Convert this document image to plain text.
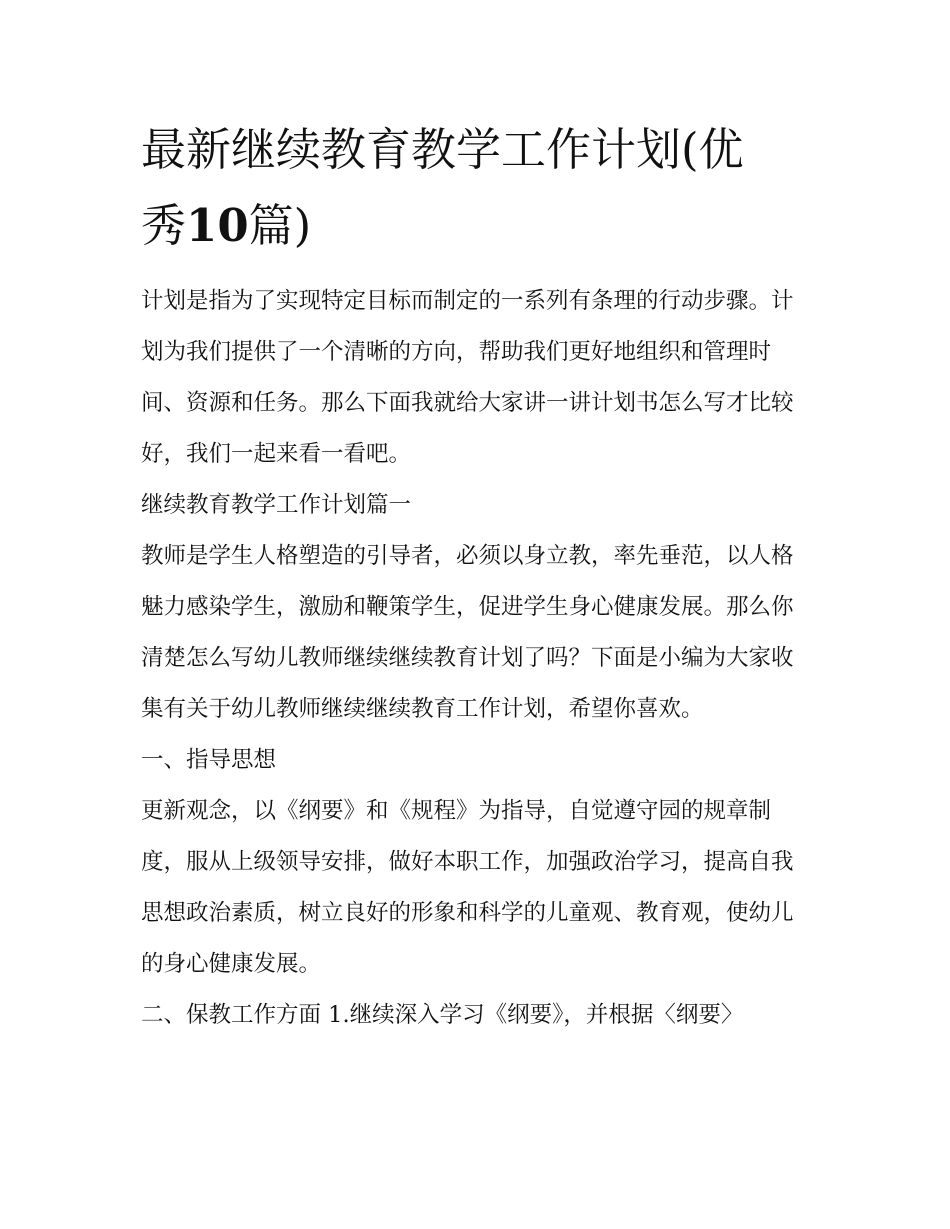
最新继续教育教学工作计划(优
秀10篇)

计划是指为了实现特定目标而制定的一系列有条理的行动步骤。计划为我们提供了一个清晰的方向，帮助我们更好地组织和管理时间、资源和任务。那么下面我就给大家讲一讲计划书怎么写才比较好，我们一起来看一看吧。

继续教育教学工作计划篇一

教师是学生人格塑造的引导者，必须以身立教，率先垂范，以人格魅力感染学生，激励和鞭策学生，促进学生身心健康发展。那么你清楚怎么写幼儿教师继续继续教育计划了吗？下面是小编为大家收集有关于幼儿教师继续继续教育工作计划，希望你喜欢。

一、指导思想

更新观念，以《纲要》和《规程》为指导，自觉遵守园的规章制度，服从上级领导安排，做好本职工作，加强政治学习，提高自我思想政治素质，树立良好的形象和科学的儿童观、教育观，使幼儿的身心健康发展。

二、保教工作方面 1.继续深入学习《纲要》，并根据〈纲要〉
